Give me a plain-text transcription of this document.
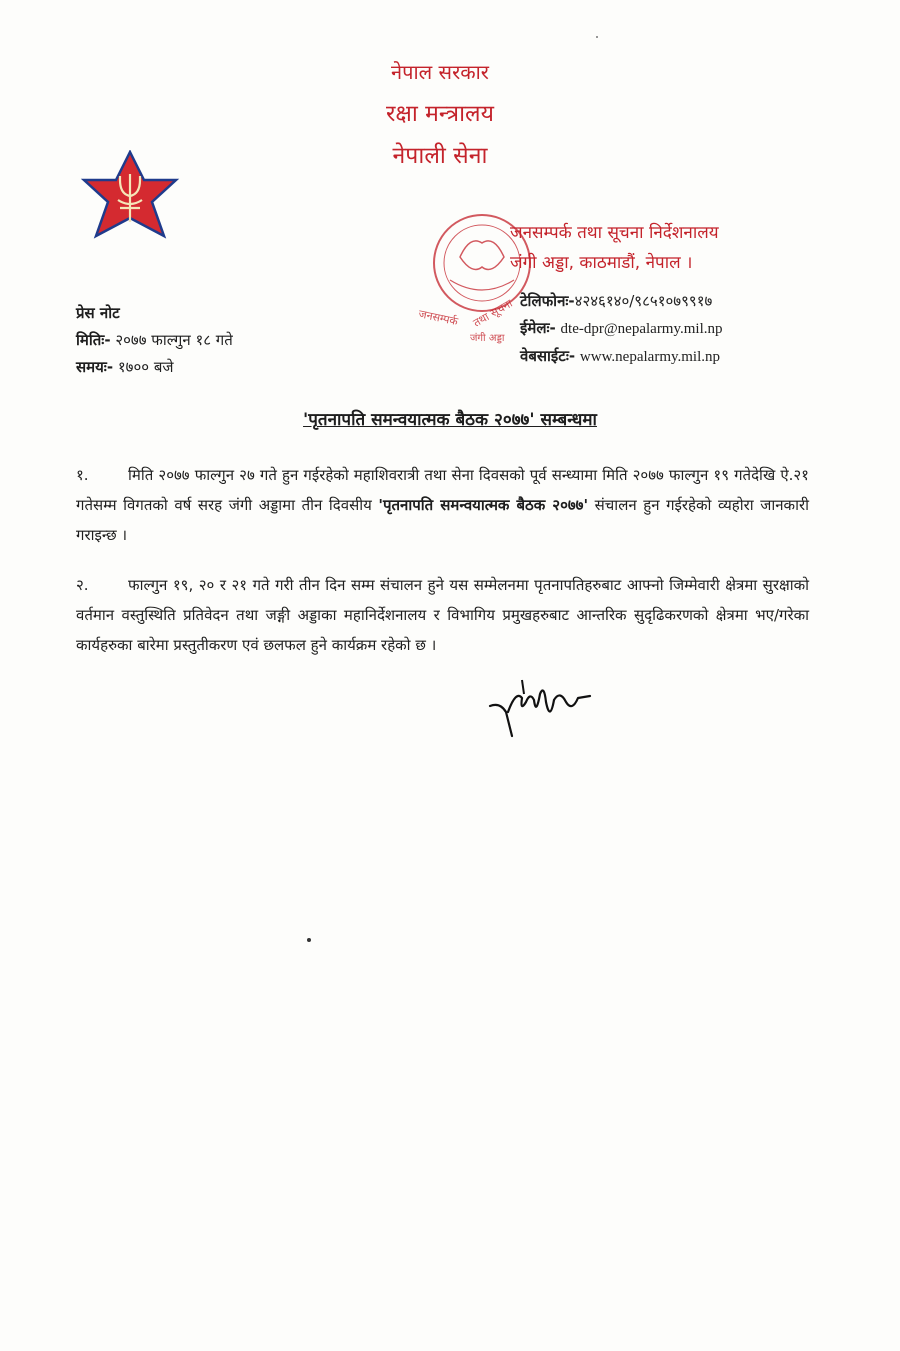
नेपाल सरकार
रक्षा मन्त्रालय
नेपाली सेना
जनसम्पर्क तथा सूचना
जंगी अड्डा
जनसम्पर्क तथा सूचना निर्देशनालय
जंगी अड्डा, काठमाडौं, नेपाल ।
टेलिफोनः-४२४६१४०/९८५१०७९९१७
ईमेलः- dte-dpr@nepalarmy.mil.np
वेबसाईटः- www.nepalarmy.mil.np
प्रेस नोट
मितिः- २०७७ फाल्गुन १८ गते
समयः- १७०० बजे
'पृतनापति समन्वयात्मक बैठक २०७७' सम्बन्धमा
१.	मिति २०७७ फाल्गुन २७ गते हुन गईरहेको महाशिवरात्री तथा सेना दिवसको पूर्व सन्ध्यामा मिति २०७७ फाल्गुन १९ गतेदेखि ऐ.२१ गतेसम्म विगतको वर्ष सरह जंगी अड्डामा तीन दिवसीय 'पृतनापति समन्वयात्मक बैठक २०७७' संचालन हुन गईरहेको व्यहोरा जानकारी गराइन्छ ।
२.	फाल्गुन १९, २० र २१ गते गरी तीन दिन सम्म संचालन हुने यस सम्मेलनमा पृतनापतिहरुबाट आफ्नो जिम्मेवारी क्षेत्रमा सुरक्षाको वर्तमान वस्तुस्थिति प्रतिवेदन तथा जङ्गी अड्डाका महानिर्देशनालय र विभागिय प्रमुखहरुबाट आन्तरिक सुदृढिकरणको क्षेत्रमा भए/गरेका कार्यहरुका बारेमा प्रस्तुतीकरण एवं छलफल हुने कार्यक्रम रहेको छ ।
